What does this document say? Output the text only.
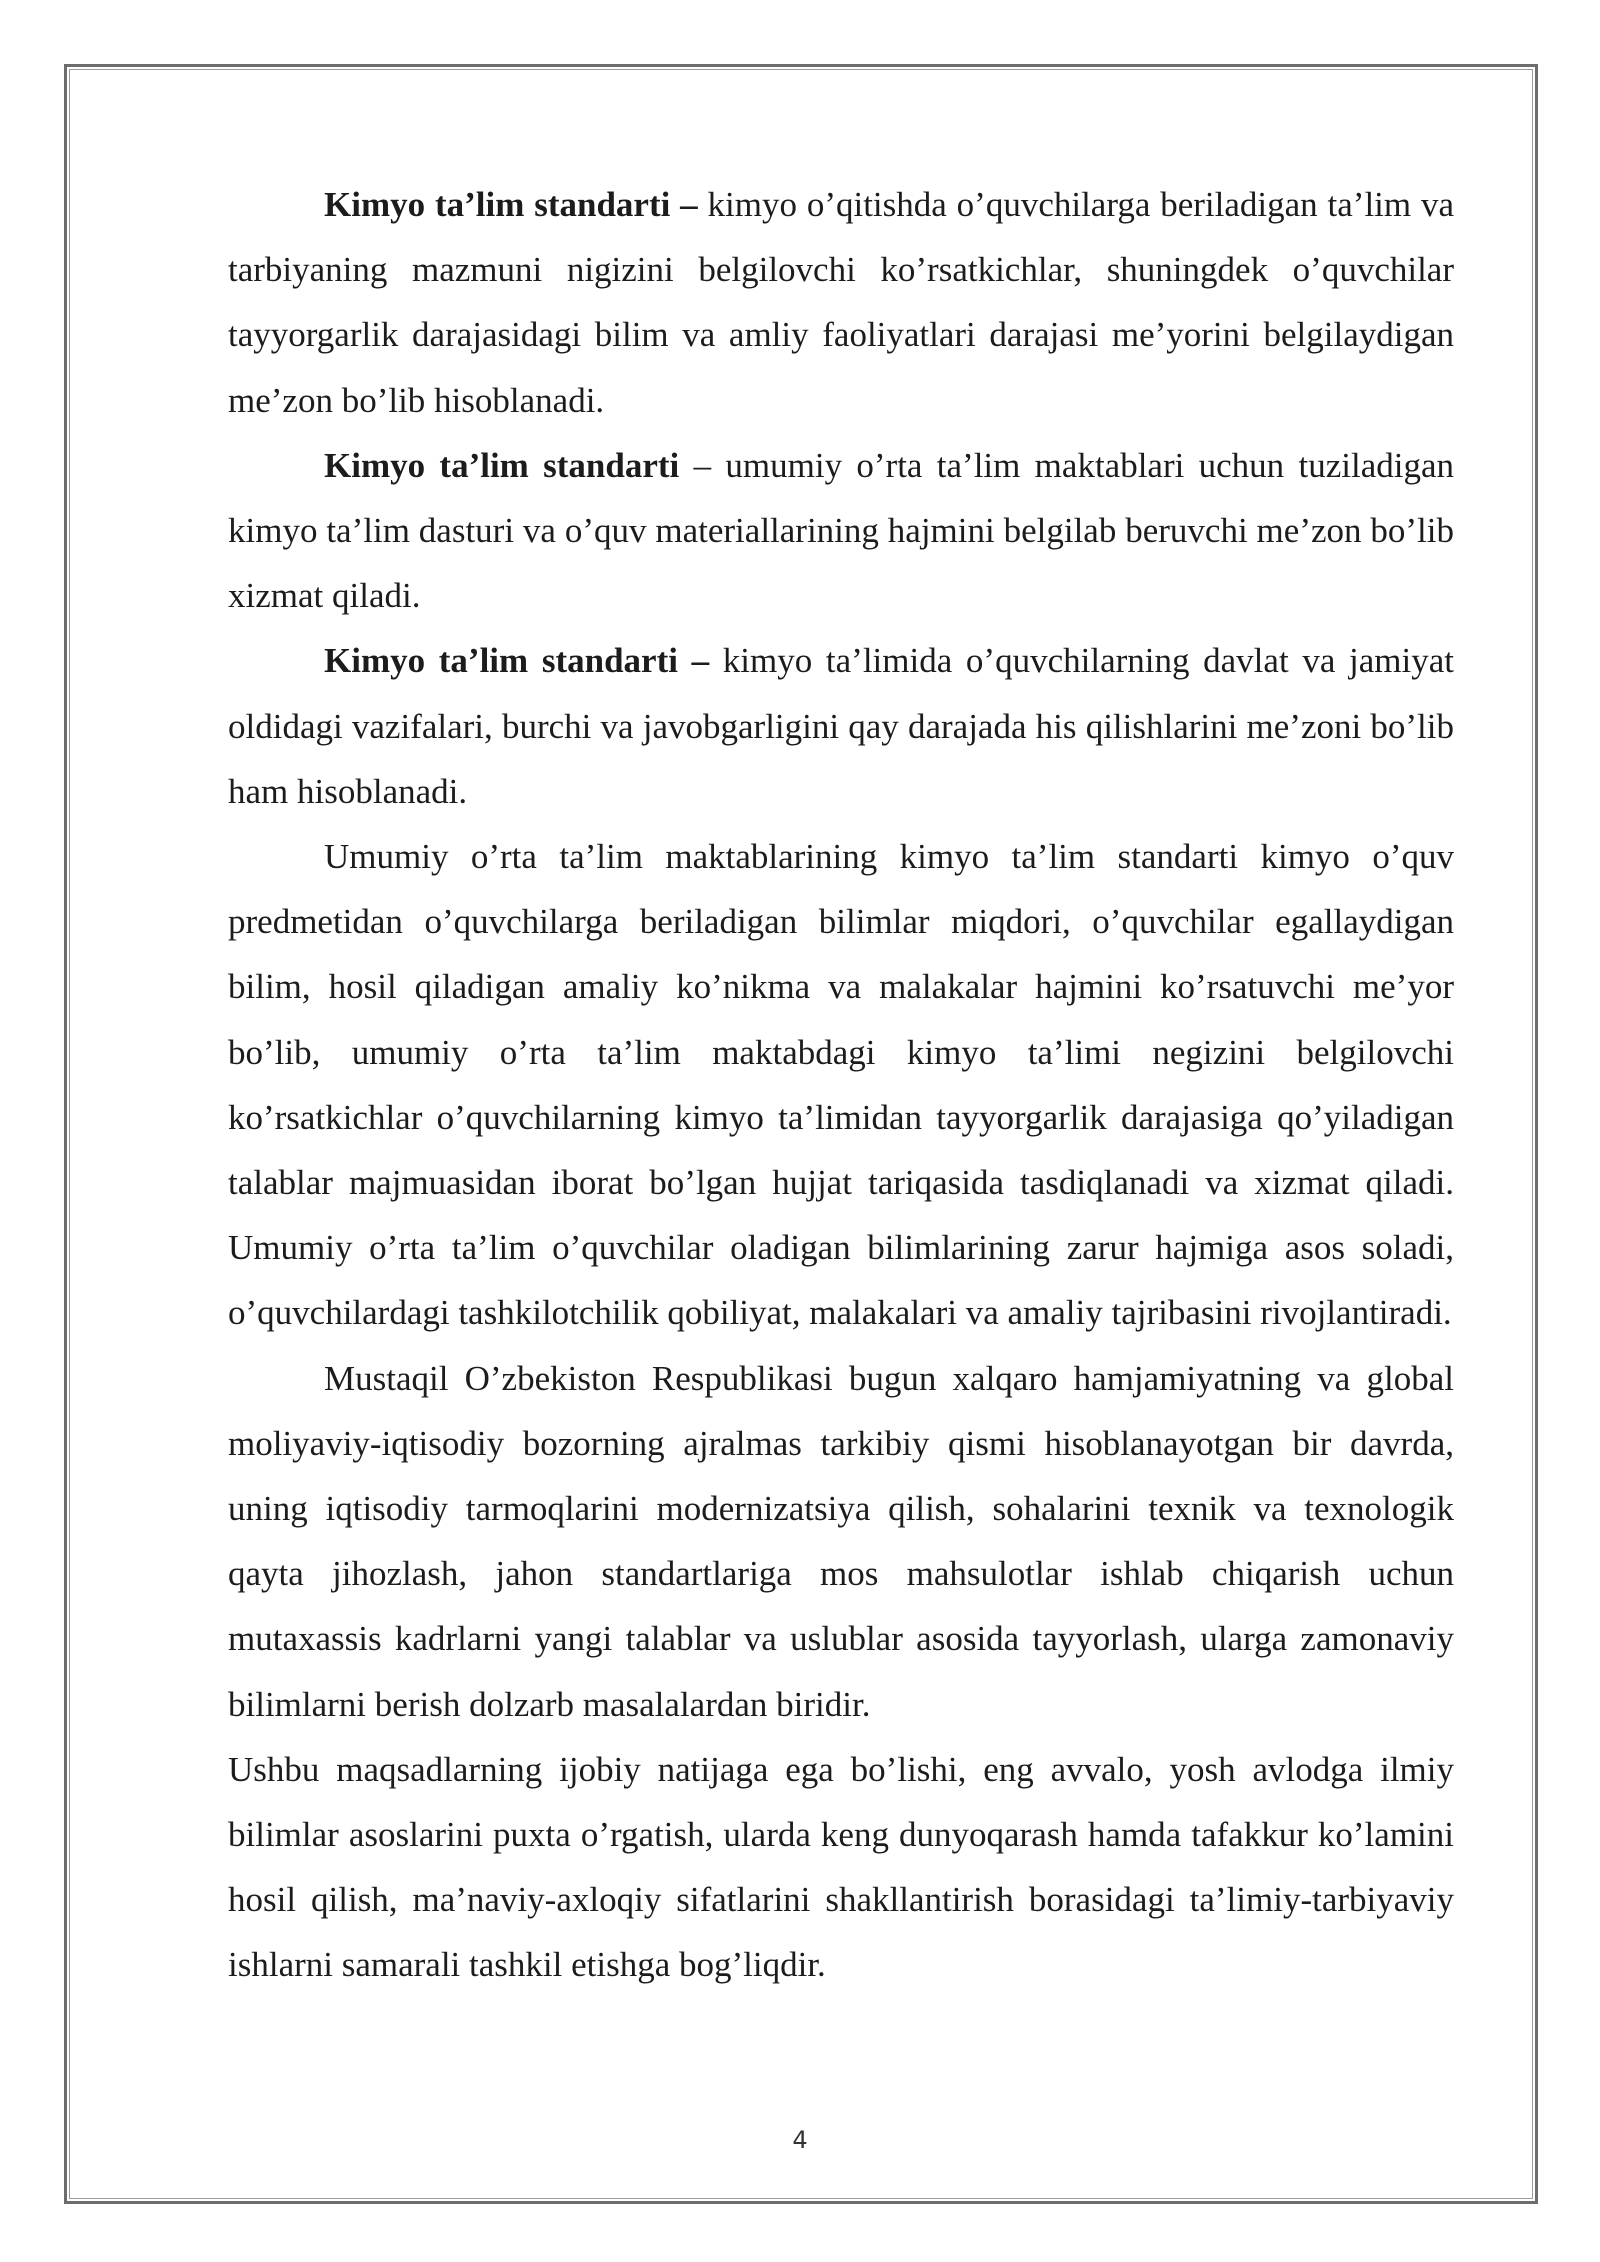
Kimyo ta’lim standarti – kimyo o’qitishda o’quvchilarga beriladigan ta’lim va tarbiyaning mazmuni nigizini belgilovchi ko’rsatkichlar, shuningdek o’quvchilar tayyorgarlik darajasidagi bilim va amliy faoliyatlari darajasi me’yorini belgilaydigan me’zon bo’lib hisoblanadi.

Kimyo ta’lim standarti – umumiy o’rta ta’lim maktablari uchun tuziladigan kimyo ta’lim dasturi va o’quv materiallarining hajmini belgilab beruvchi me’zon bo’lib xizmat qiladi.

Kimyo ta’lim standarti – kimyo ta’limida o’quvchilarning davlat va jamiyat oldidagi vazifalari, burchi va javobgarligini qay darajada his qilishlarini me’zoni bo’lib ham hisoblanadi.

Umumiy o’rta ta’lim maktablarining kimyo ta’lim standarti kimyo o’quv predmetidan o’quvchilarga beriladigan bilimlar miqdori, o’quvchilar egallaydigan bilim, hosil qiladigan amaliy ko’nikma va malakalar hajmini ko’rsatuvchi me’yor bo’lib, umumiy o’rta ta’lim maktabdagi kimyo ta’limi negizini belgilovchi ko’rsatkichlar o’quvchilarning kimyo ta’limidan tayyorgarlik darajasiga qo’yiladigan talablar majmuasidan iborat bo’lgan hujjat tariqasida tasdiqlanadi va xizmat qiladi. Umumiy o’rta ta’lim o’quvchilar oladigan bilimlarining zarur hajmiga asos soladi, o’quvchilardagi tashkilotchilik qobiliyat, malakalari va amaliy tajribasini rivojlantiradi.

Mustaqil O’zbekiston Respublikasi bugun xalqaro hamjamiyatning va global moliyaviy-iqtisodiy bozorning ajralmas tarkibiy qismi hisoblanayotgan bir davrda, uning iqtisodiy tarmoqlarini modernizatsiya qilish, sohalarini texnik va texnologik qayta jihozlash, jahon standartlariga mos mahsulotlar ishlab chiqarish uchun mutaxassis kadrlarni yangi talablar va uslublar asosida tayyorlash, ularga zamonaviy bilimlarni berish dolzarb masalalardan biridir.

Ushbu maqsadlarning ijobiy natijaga ega bo’lishi, eng avvalo, yosh avlodga ilmiy bilimlar asoslarini puxta o’rgatish, ularda keng dunyoqarash hamda tafakkur ko’lamini hosil qilish, ma’naviy-axloqiy sifatlarini shakllantirish borasidagi ta’limiy-tarbiyaviy ishlarni samarali tashkil etishga bog’liqdir.

4
